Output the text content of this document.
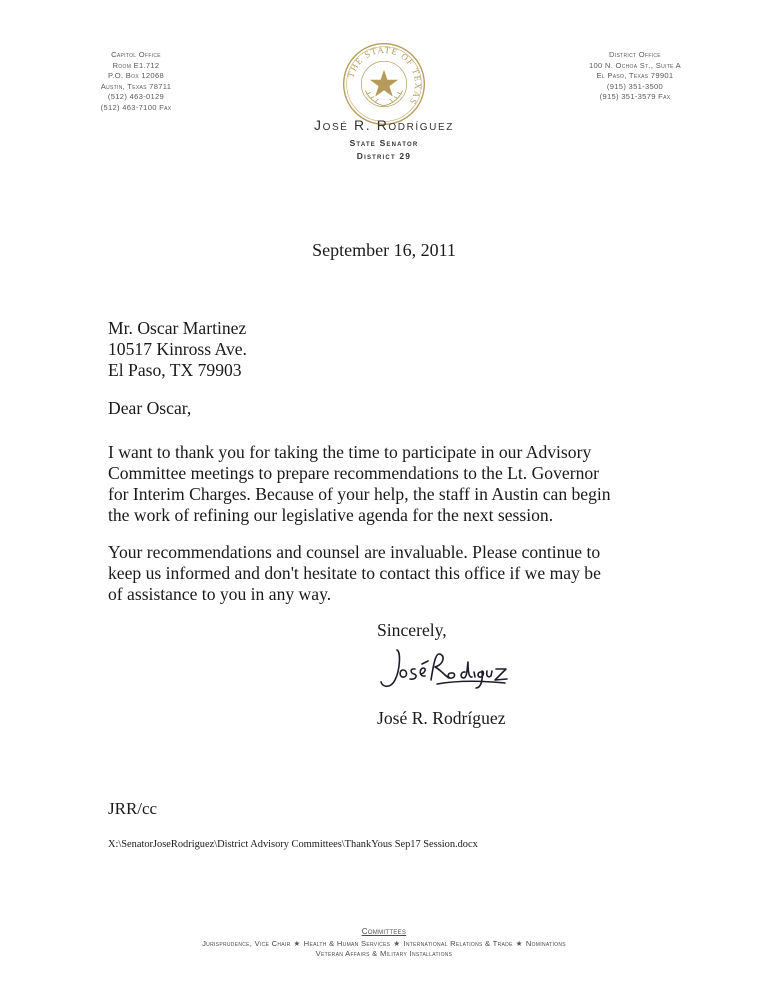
Capitol Office
Room E1.712
P.O. Box 12068
Austin, Texas 78711
(512) 463-0129
(512) 463-7100 Fax
THE STATE OF TEXAS
District Office
100 N. Ochoa St., Suite A
El Paso, Texas 79901
(915) 351-3500
(915) 351-3579 Fax
José R. Rodríguez
State Senator
District 29
September 16, 2011
Mr. Oscar Martinez
10517 Kinross Ave.
El Paso, TX 79903
Dear Oscar,
I want to thank you for taking the time to participate in our Advisory
Committee meetings to prepare recommendations to the Lt. Governor
for Interim Charges. Because of your help, the staff in Austin can begin
the work of refining our legislative agenda for the next session.
Your recommendations and counsel are invaluable. Please continue to
keep us informed and don't hesitate to contact this office if we may be
of assistance to you in any way.
Sincerely,
José R. Rodríguez
JRR/cc
X:\SenatorJoseRodriguez\District Advisory Committees\ThankYous Sep17 Session.docx
Committees
Jurisprudence, Vice Chair ★ Health & Human Services ★ International Relations & Trade ★ Nominations
Veteran Affairs & Military Installations
